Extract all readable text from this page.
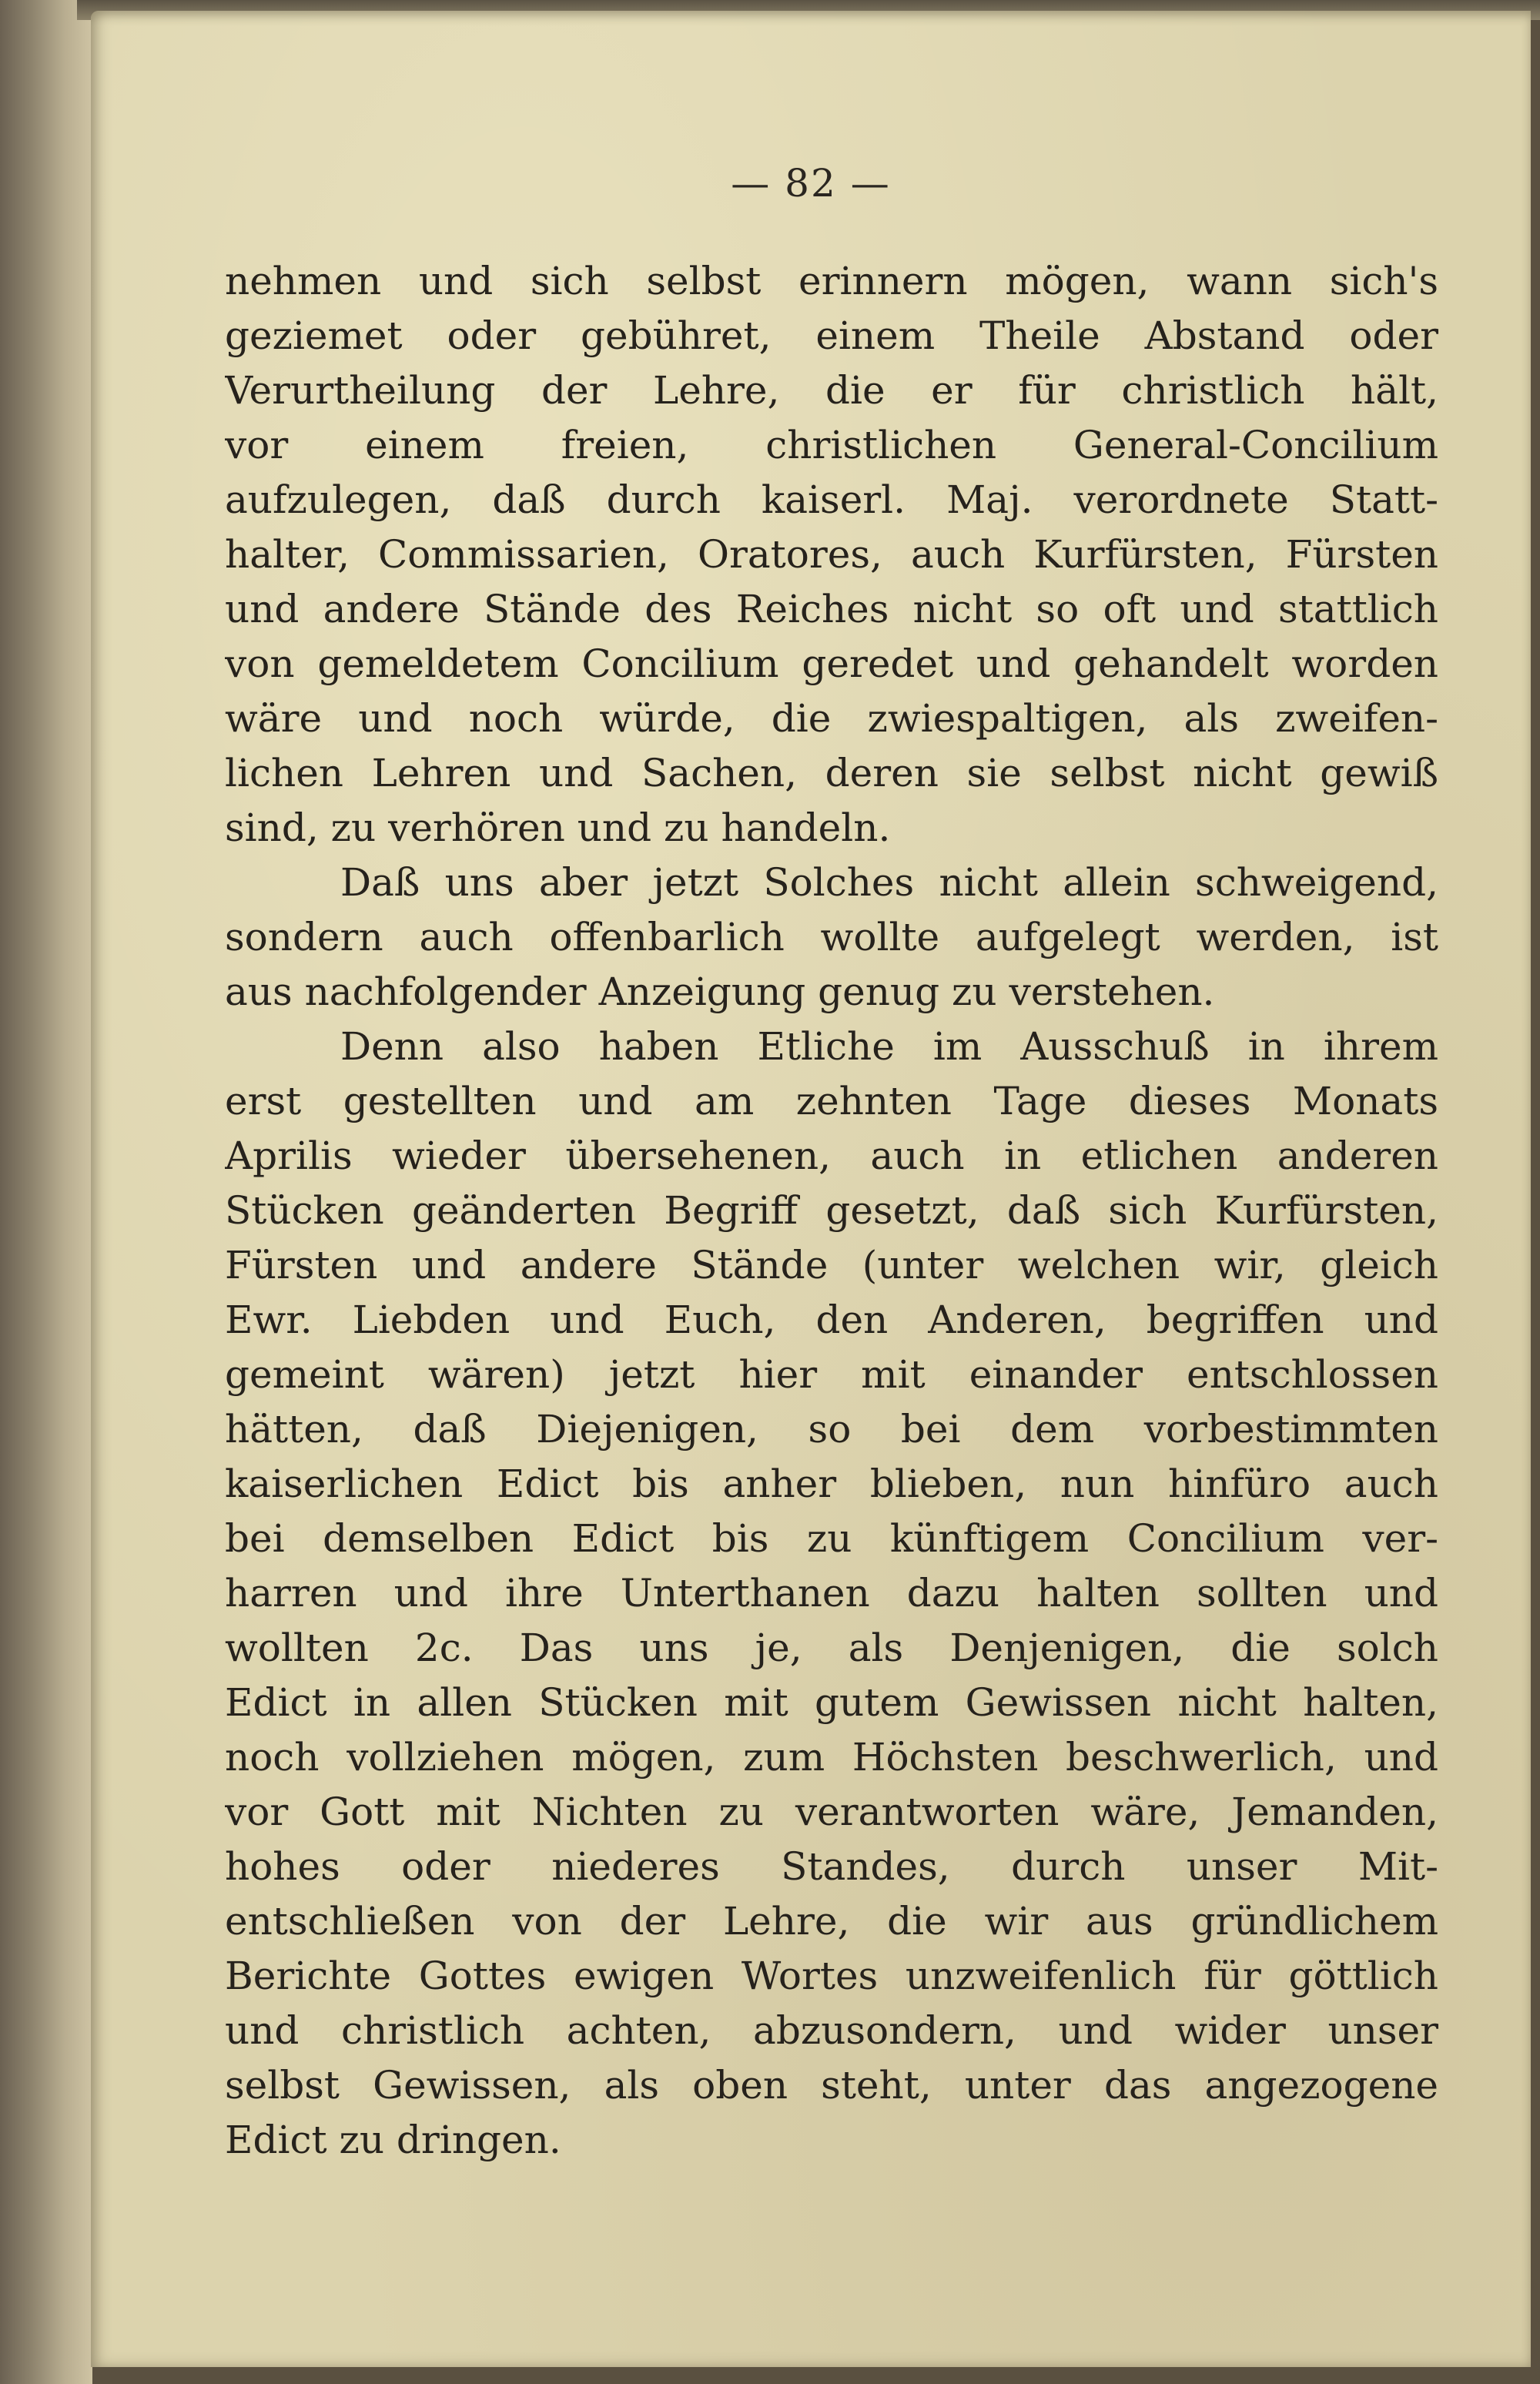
— 82 —
nehmen und sich selbst erinnern mögen, wann sich's
geziemet oder gebühret, einem Theile Abstand oder
Verurtheilung der Lehre, die er für christlich hält,
vor einem freien, christlichen General-Concilium
aufzulegen, daß durch kaiserl. Maj. verordnete Statt-
halter, Commissarien, Oratores, auch Kurfürsten, Fürsten
und andere Stände des Reiches nicht so oft und stattlich
von gemeldetem Concilium geredet und gehandelt worden
wäre und noch würde, die zwiespaltigen, als zweifen-
lichen Lehren und Sachen, deren sie selbst nicht gewiß
sind, zu verhören und zu handeln.
Daß uns aber jetzt Solches nicht allein schweigend,
sondern auch offenbarlich wollte aufgelegt werden, ist
aus nachfolgender Anzeigung genug zu verstehen.
Denn also haben Etliche im Ausschuß in ihrem
erst gestellten und am zehnten Tage dieses Monats
Aprilis wieder übersehenen, auch in etlichen anderen
Stücken geänderten Begriff gesetzt, daß sich Kurfürsten,
Fürsten und andere Stände (unter welchen wir, gleich
Ewr. Liebden und Euch, den Anderen, begriffen und
gemeint wären) jetzt hier mit einander entschlossen
hätten, daß Diejenigen, so bei dem vorbestimmten
kaiserlichen Edict bis anher blieben, nun hinfüro auch
bei demselben Edict bis zu künftigem Concilium ver-
harren und ihre Unterthanen dazu halten sollten und
wollten 2c. Das uns je, als Denjenigen, die solch
Edict in allen Stücken mit gutem Gewissen nicht halten,
noch vollziehen mögen, zum Höchsten beschwerlich, und
vor Gott mit Nichten zu verantworten wäre, Jemanden,
hohes oder niederes Standes, durch unser Mit-
entschließen von der Lehre, die wir aus gründlichem
Berichte Gottes ewigen Wortes unzweifenlich für göttlich
und christlich achten, abzusondern, und wider unser
selbst Gewissen, als oben steht, unter das angezogene
Edict zu dringen.
